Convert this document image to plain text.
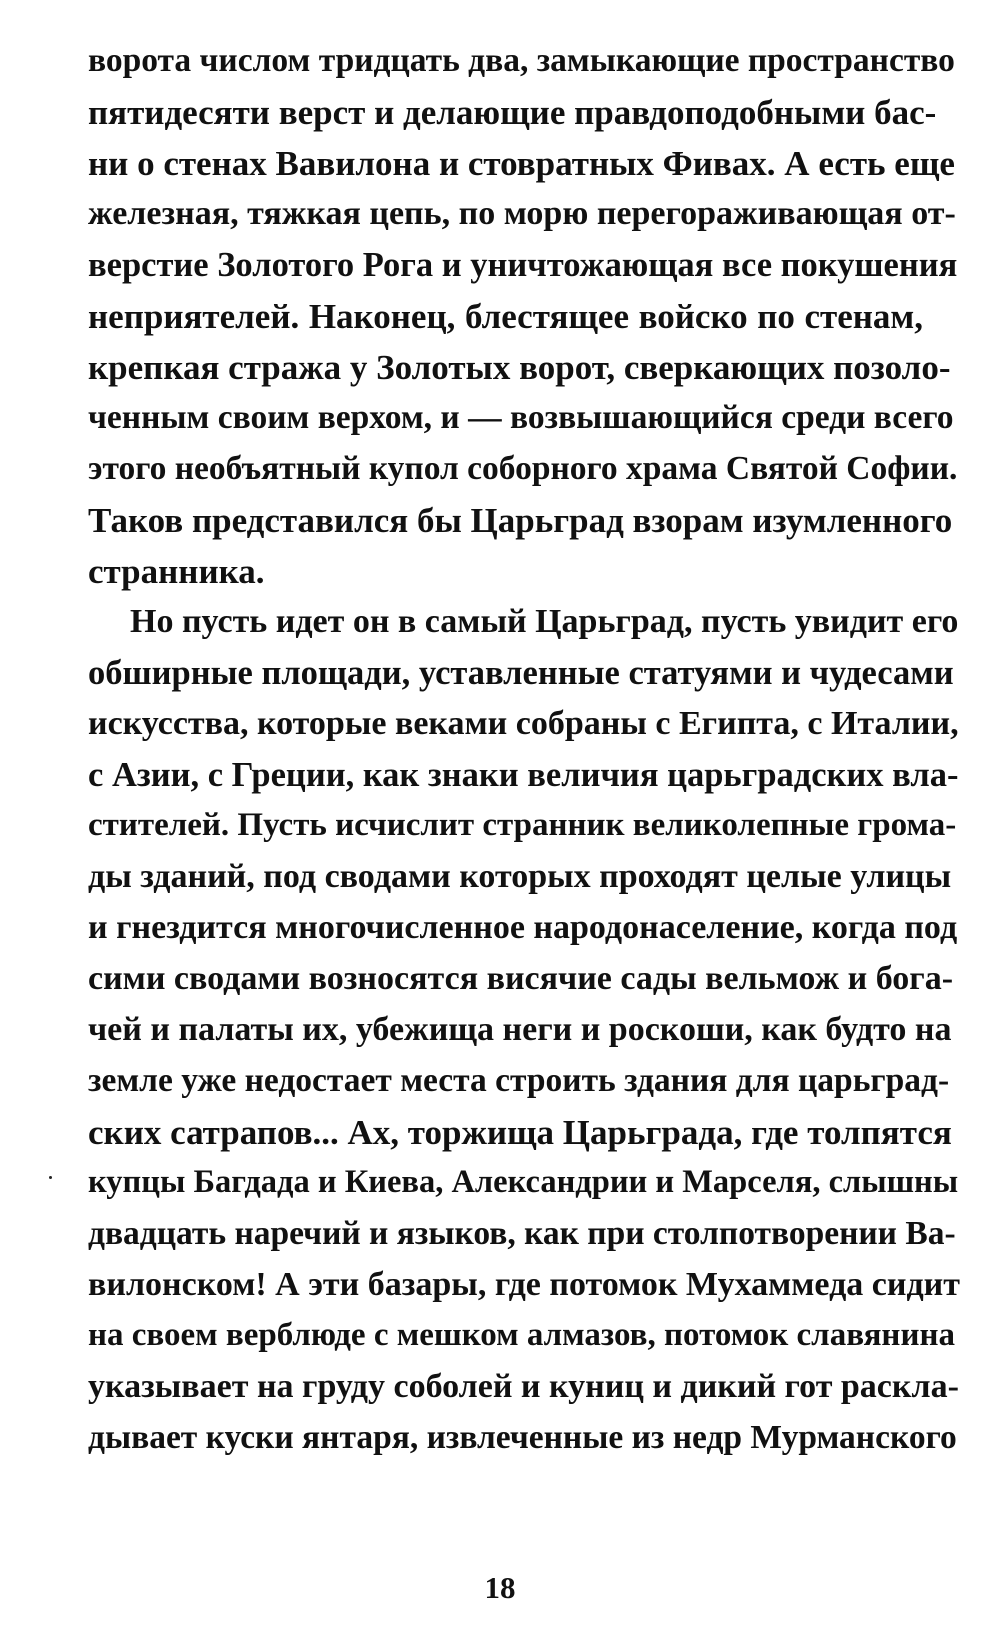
ворота числом тридцать два, замыкающие пространство
пятидесяти верст и делающие правдоподобными бас-
ни о стенах Вавилона и стовратных Фивах. А есть еще
железная, тяжкая цепь, по морю перегораживающая от-
верстие Золотого Рога и уничтожающая все покушения
неприятелей. Наконец, блестящее войско по стенам,
крепкая стража у Золотых ворот, сверкающих позоло-
ченным своим верхом, и — возвышающийся среди всего
этого необъятный купол соборного храма Святой Софии.
Таков представился бы Царьград взорам изумленного
странника.
Но пусть идет он в самый Царьград, пусть увидит его
обширные площади, уставленные статуями и чудесами
искусства, которые веками собраны с Египта, с Италии,
с Азии, с Греции, как знаки величия царьградских вла-
стителей. Пусть исчислит странник великолепные грома-
ды зданий, под сводами которых проходят целые улицы
и гнездится многочисленное народонаселение, когда под
сими сводами возносятся висячие сады вельмож и бога-
чей и палаты их, убежища неги и роскоши, как будто на
земле уже недостает места строить здания для царьград-
ских сатрапов... Ах, торжища Царьграда, где толпятся
купцы Багдада и Киева, Александрии и Марселя, слышны
двадцать наречий и языков, как при столпотворении Ва-
вилонском! А эти базары, где потомок Мухаммеда сидит
на своем верблюде с мешком алмазов, потомок славянина
указывает на груду соболей и куниц и дикий гот раскла-
дывает куски янтаря, извлеченные из недр Мурманского
18
